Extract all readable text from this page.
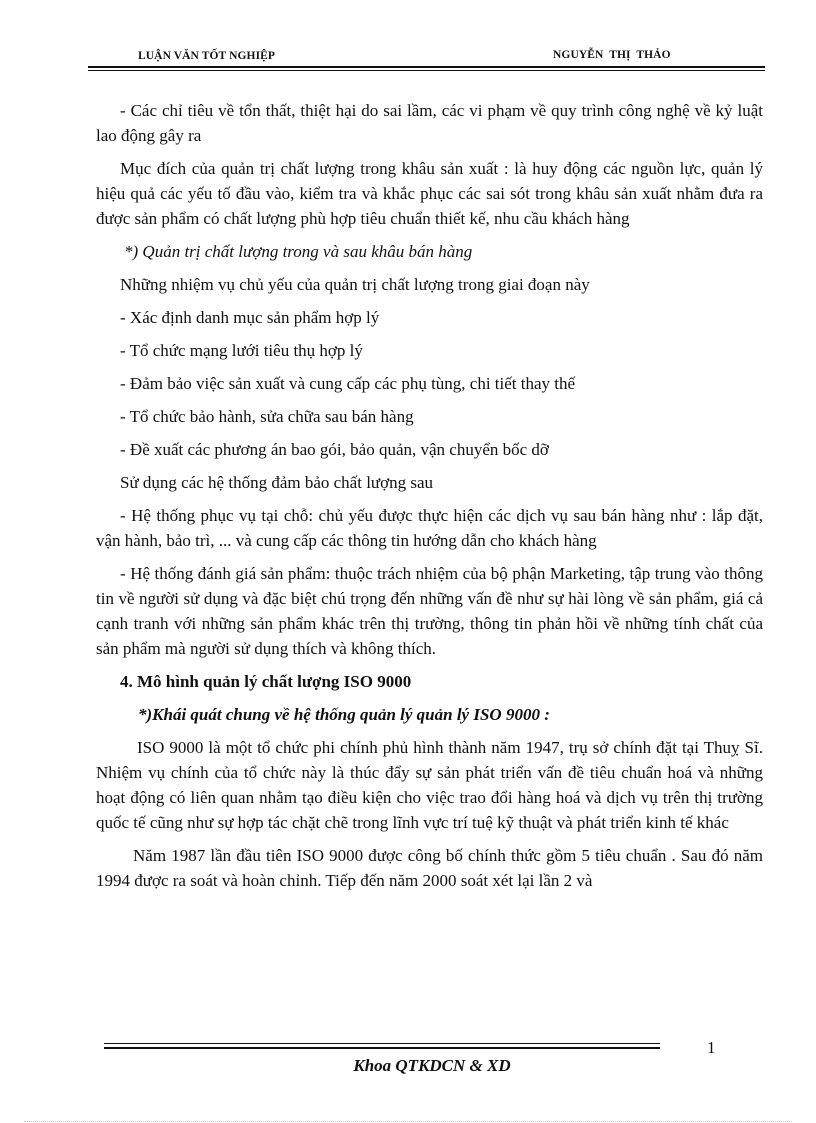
LUẬN VĂN TỐT NGHIỆP	NGUYỄN THỊ THẢO

- Các chỉ tiêu về tổn thất, thiệt hại do sai lầm, các vi phạm về quy trình công nghệ về kỷ luật lao động gây ra

Mục đích của quản trị chất lượng trong khâu sản xuất : là huy động các nguồn lực, quản lý hiệu quả các yếu tố đầu vào, kiểm tra và khắc phục các sai sót trong khâu sản xuất nhằm đưa ra được sản phẩm có chất lượng phù hợp tiêu chuẩn thiết kế, nhu cầu khách hàng

*) Quản trị chất lượng trong và sau khâu bán hàng

Những nhiệm vụ chủ yếu của quản trị chất lượng trong giai đoạn này

- Xác định danh mục sản phẩm hợp lý

- Tổ chức mạng lưới tiêu thụ hợp lý

- Đảm bảo việc sản xuất và cung cấp các phụ tùng, chi tiết thay thế

- Tổ chức bảo hành, sửa chữa sau bán hàng

- Đề xuất các phương án bao gói, bảo quản, vận chuyển bốc dỡ

Sử dụng các hệ thống đảm bảo chất lượng sau

- Hệ thống phục vụ tại chỗ: chủ yếu được thực hiện các dịch vụ sau bán hàng như : lắp đặt, vận hành, bảo trì, ... và cung cấp các thông tin hướng dẫn cho khách hàng

- Hệ thống đánh giá sản phẩm: thuộc trách nhiệm của bộ phận Marketing, tập trung vào thông tin về người sử dụng và đặc biệt chú trọng đến những vấn đề như sự hài lòng về sản phẩm, giá cả cạnh tranh với những sản phẩm khác trên thị trường, thông tin phản hồi về những tính chất của sản phẩm mà người sử dụng thích và không thích.

4. Mô hình quản lý chất lượng ISO 9000

*)Khái quát chung về hệ thống quản lý quản lý ISO 9000 :

ISO 9000 là một tổ chức phi chính phủ hình thành năm 1947, trụ sở chính đặt tại Thuỵ Sĩ. Nhiệm vụ chính của tổ chức này là thúc đẩy sự sản phát triển vấn đề tiêu chuẩn hoá và những hoạt động có liên quan nhằm tạo điều kiện cho việc trao đổi hàng hoá và dịch vụ trên thị trường quốc tế cũng như sự hợp tác chặt chẽ trong lĩnh vực trí tuệ kỹ thuật và phát triển kinh tế khác

Năm 1987 lần đầu tiên ISO 9000 được công bố chính thức gồm 5 tiêu chuẩn . Sau đó năm 1994 được ra soát và hoàn chỉnh. Tiếp đến năm 2000 soát xét lại lần 2 và

1
Khoa QTKDCN & XD
